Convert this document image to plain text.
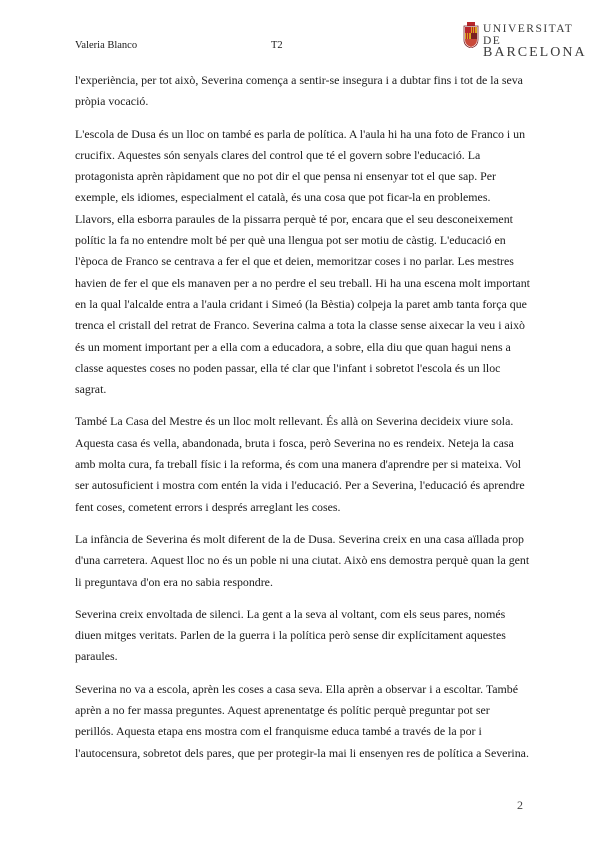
Valeria Blanco	T2
UNIVERSITAT DE
BARCELONA

l'experiència, per tot això, Severina comença a sentir-se insegura i a dubtar fins i tot de la seva pròpia vocació.

L'escola de Dusa és un lloc on també es parla de política. A l'aula hi ha una foto de Franco i un crucifix. Aquestes són senyals clares del control que té el govern sobre l'educació. La protagonista aprèn ràpidament que no pot dir el que pensa ni ensenyar tot el que sap. Per exemple, els idiomes, especialment el català, és una cosa que pot ficar-la en problemes. Llavors, ella esborra paraules de la pissarra perquè té por, encara que el seu desconeixement polític la fa no entendre molt bé per què una llengua pot ser motiu de càstig. L'educació en l'època de Franco se centrava a fer el que et deien, memoritzar coses i no parlar. Les mestres havien de fer el que els manaven per a no perdre el seu treball. Hi ha una escena molt important en la qual l'alcalde entra a l'aula cridant i Simeó (la Bèstia) colpeja la paret amb tanta força que trenca el cristall del retrat de Franco. Severina calma a tota la classe sense aixecar la veu i això és un moment important per a ella com a educadora, a sobre, ella diu que quan hagui nens a classe aquestes coses no poden passar, ella té clar que l'infant i sobretot l'escola és un lloc sagrat.

També La Casa del Mestre és un lloc molt rellevant. És allà on Severina decideix viure sola. Aquesta casa és vella, abandonada, bruta i fosca, però Severina no es rendeix. Neteja la casa amb molta cura, fa treball físic i la reforma, és com una manera d'aprendre per si mateixa. Vol ser autosuficient i mostra com entén la vida i l'educació. Per a Severina, l'educació és aprendre fent coses, cometent errors i després arreglant les coses.

La infància de Severina és molt diferent de la de Dusa. Severina creix en una casa aïllada prop d'una carretera. Aquest lloc no és un poble ni una ciutat. Això ens demostra perquè quan la gent li preguntava d'on era no sabia respondre.

Severina creix envoltada de silenci. La gent a la seva al voltant, com els seus pares, només diuen mitges veritats. Parlen de la guerra i la política però sense dir explícitament aquestes paraules.

Severina no va a escola, aprèn les coses a casa seva. Ella aprèn a observar i a escoltar. També aprèn a no fer massa preguntes. Aquest aprenentatge és polític perquè preguntar pot ser perillós. Aquesta etapa ens mostra com el franquisme educa també a través de la por i l'autocensura, sobretot dels pares, que per protegir-la mai li ensenyen res de política a Severina.

2
